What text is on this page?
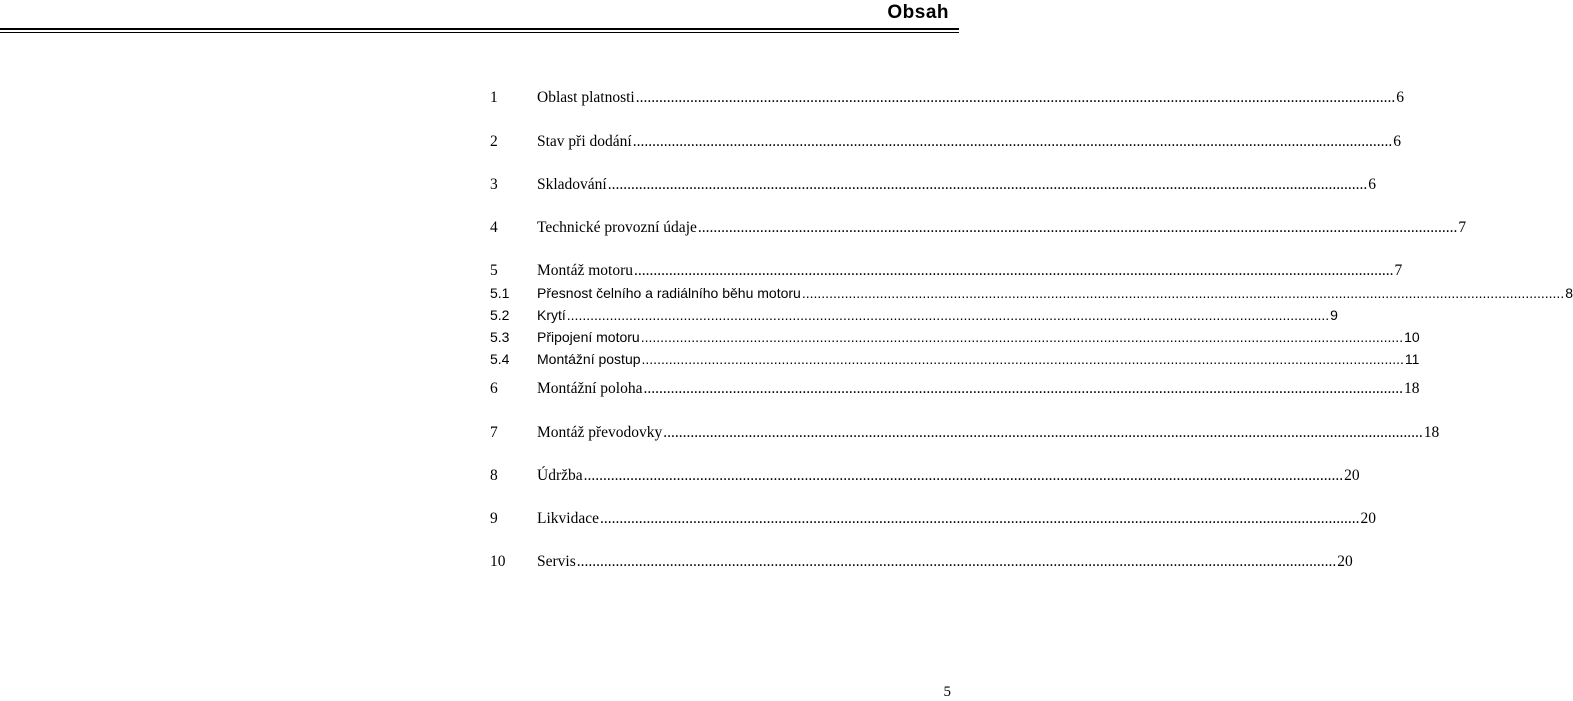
Obsah
1	Oblast platnosti .................................................................................................................................................................................................... 6
2	Stav při dodání .................................................................................................................................................................................................... 6
3	Skladování .................................................................................................................................................................................................... 6
4	Technické provozní údaje .................................................................................................................................................................................................... 7
5	Montáž motoru .................................................................................................................................................................................................... 7
5.1	Přesnost čelního a radiálního běhu motoru .................................................................................................................................................................................................... 8
5.2	Krytí .................................................................................................................................................................................................... 9
5.3	Připojení motoru .................................................................................................................................................................................................... 10
5.4	Montážní postup .................................................................................................................................................................................................... 11
6	Montážní poloha .................................................................................................................................................................................................... 18
7	Montáž převodovky .................................................................................................................................................................................................... 18
8	Údržba .................................................................................................................................................................................................... 20
9	Likvidace .................................................................................................................................................................................................... 20
10	Servis .................................................................................................................................................................................................... 20
5
